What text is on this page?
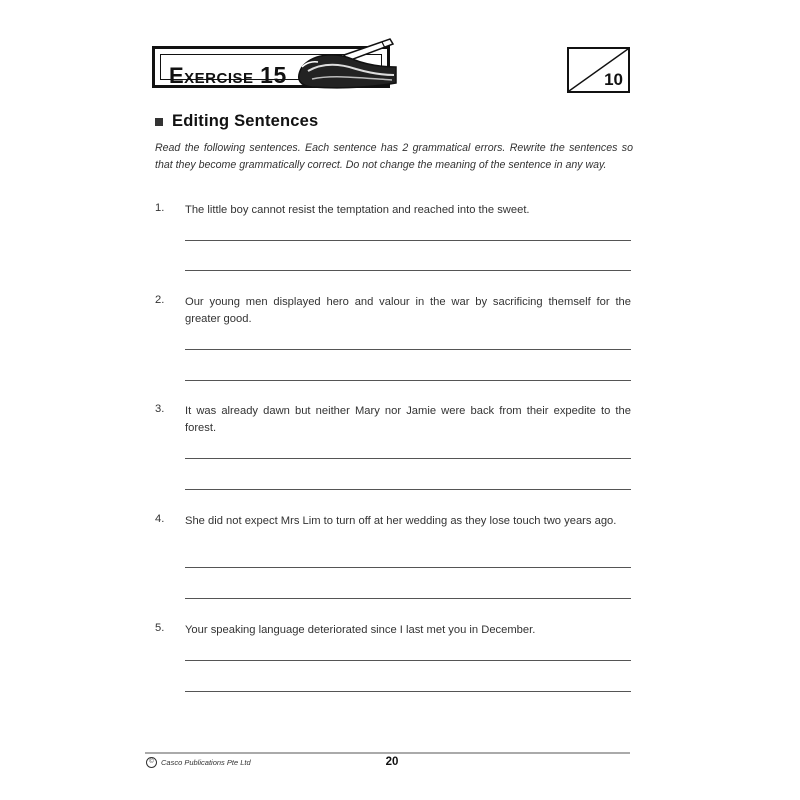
Exercise 15	10
Editing Sentences
Read the following sentences. Each sentence has 2 grammatical errors. Rewrite the sentences so that they become grammatically correct. Do not change the meaning of the sentence in any way.
1. The little boy cannot resist the temptation and reached into the sweet.
2. Our young men displayed hero and valour in the war by sacrificing themself for the greater good.
3. It was already dawn but neither Mary nor Jamie were back from their expedite to the forest.
4. She did not expect Mrs Lim to turn off at her wedding as they lose touch two years ago.
5. Your speaking language deteriorated since I last met you in December.
© Casco Publications Pte Ltd	20
